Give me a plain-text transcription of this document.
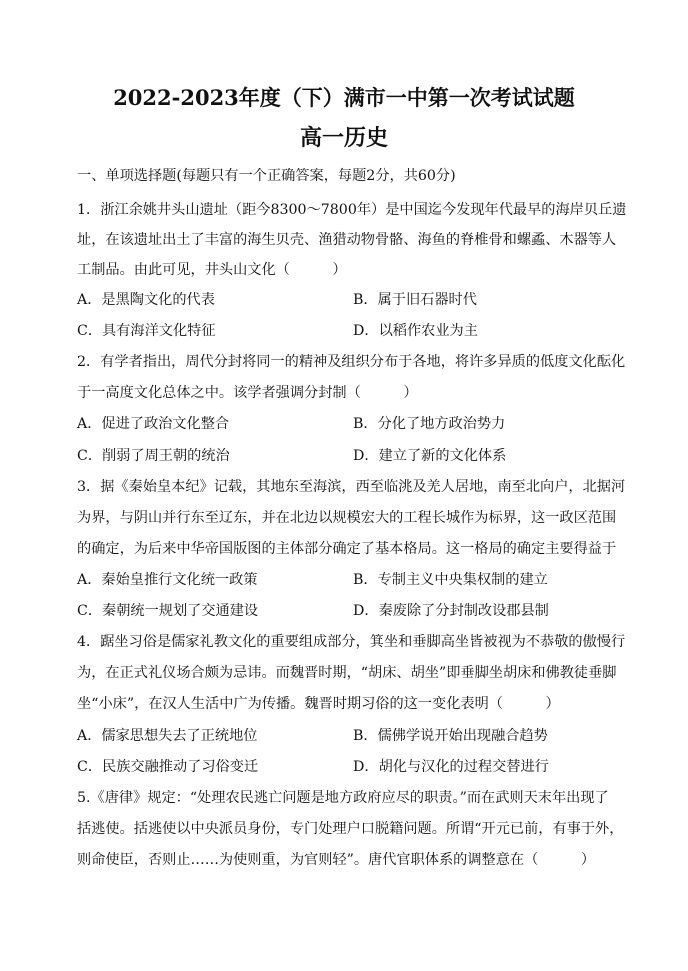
2022-2023年度（下）满市一中第一次考试试题
高一历史
一、单项选择题(每题只有一个正确答案，每题2分，共60分)
1．浙江余姚井头山遗址（距今8300～7800年）是中国迄今发现年代最早的海岸贝丘遗
址，在该遗址出土了丰富的海生贝壳、渔猎动物骨骼、海鱼的脊椎骨和螺蟊、木器等人
工制品。由此可见，井头山文化（　　　）
A．是黑陶文化的代表	B．属于旧石器时代
C．具有海洋文化特征	D．以稻作农业为主
2．有学者指出，周代分封将同一的精神及组织分布于各地，将许多异质的低度文化酝化
于一高度文化总体之中。该学者强调分封制（　　　）
A．促进了政治文化整合	B．分化了地方政治势力
C．削弱了周王朝的统治	D．建立了新的文化体系
3．据《秦始皇本纪》记载，其地东至海滨，西至临洮及羌人居地，南至北向户，北据河
为界，与阴山并行东至辽东，并在北边以规模宏大的工程长城作为标界，这一政区范围
的确定，为后来中华帝国版图的主体部分确定了基本格局。这一格局的确定主要得益于
A．秦始皇推行文化统一政策	B．专制主义中央集权制的建立
C．秦朝统一规划了交通建设	D．秦废除了分封制改设郡县制
4．踞坐习俗是儒家礼教文化的重要组成部分，箕坐和垂脚高坐皆被视为不恭敬的傲慢行
为，在正式礼仪场合颇为忌讳。而魏晋时期，“胡床、胡坐”即垂脚坐胡床和佛教徒垂脚
坐“小床”，在汉人生活中广为传播。魏晋时期习俗的这一变化表明（　　　）
A．儒家思想失去了正统地位	B．儒佛学说开始出现融合趋势
C．民族交融推动了习俗变迁	D．胡化与汉化的过程交替进行
5.《唐律》规定：“处理农民逃亡问题是地方政府应尽的职责。”而在武则天末年出现了
括逃使。括逃使以中央派员身份，专门处理户口脱籍问题。所谓“开元已前，有事于外，
则命使臣，否则止……为使则重，为官则轻”。唐代官职体系的调整意在（　　　）
